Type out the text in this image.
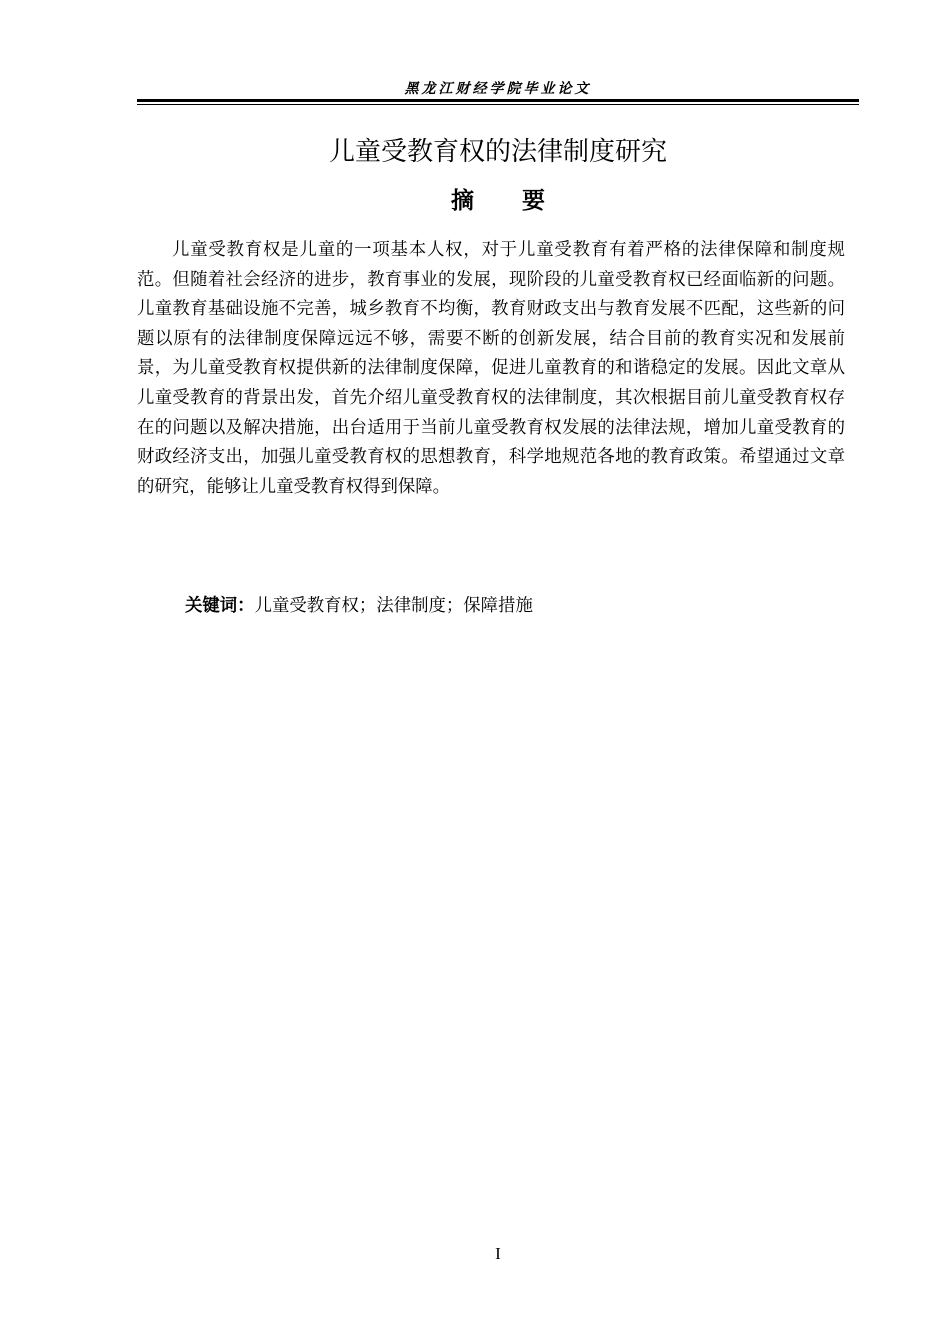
黑龙江财经学院毕业论文
儿童受教育权的法律制度研究
摘要

儿童受教育权是儿童的一项基本人权，对于儿童受教育有着严格的法律保障和制度规范。但随着社会经济的进步，教育事业的发展，现阶段的儿童受教育权已经面临新的问题。儿童教育基础设施不完善，城乡教育不均衡，教育财政支出与教育发展不匹配，这些新的问题以原有的法律制度保障远远不够，需要不断的创新发展，结合目前的教育实况和发展前景，为儿童受教育权提供新的法律制度保障，促进儿童教育的和谐稳定的发展。因此文章从儿童受教育的背景出发，首先介绍儿童受教育权的法律制度，其次根据目前儿童受教育权存在的问题以及解决措施，出台适用于当前儿童受教育权发展的法律法规，增加儿童受教育的财政经济支出，加强儿童受教育权的思想教育，科学地规范各地的教育政策。希望通过文章的研究，能够让儿童受教育权得到保障。

关键词：儿童受教育权；法律制度；保障措施
I
